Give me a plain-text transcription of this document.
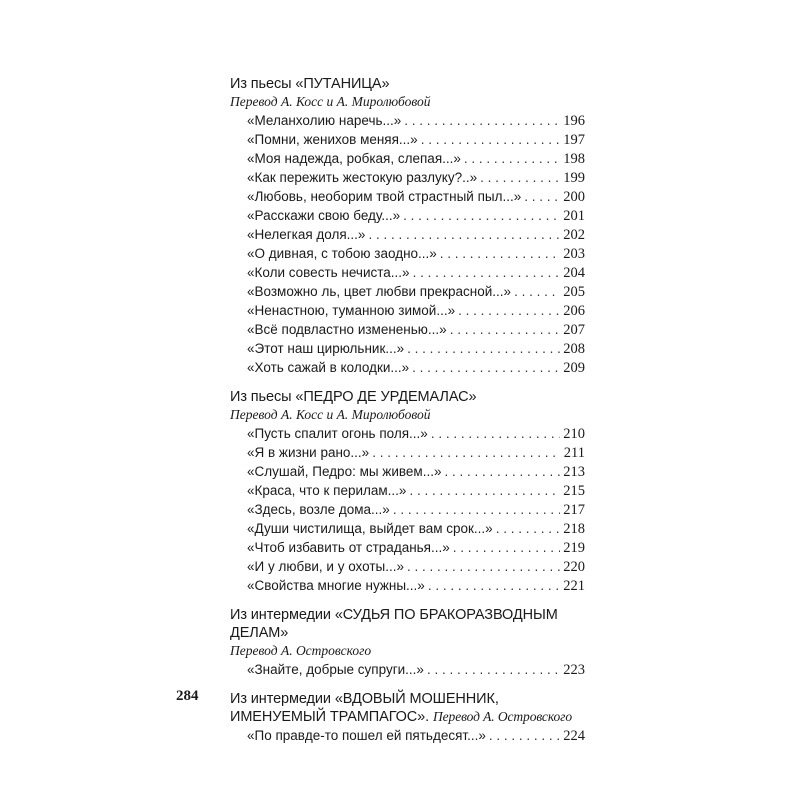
Из пьесы «ПУТАНИЦА»
Перевод А. Косс и А. Миролюбовой
«Меланхолию наречь...» . . .	196
«Помни, женихов меняя...» . . .	197
«Моя надежда, робкая, слепая...» . . .	198
«Как пережить жестокую разлуку?..» . . .	199
«Любовь, необорим твой страстный пыл...» . . .	200
«Расскажи свою беду...» . . .	201
«Нелегкая доля...» . . .	202
«О дивная, с тобою заодно...» . . .	203
«Коли совесть нечиста...» . . .	204
«Возможно ль, цвет любви прекрасной...» . . .	205
«Ненастною, туманною зимой...» . . .	206
«Всё подвластно измененью...» . . .	207
«Этот наш цирюльник...» . . .	208
«Хоть сажай в колодки...» . . .	209
Из пьесы «ПЕДРО ДЕ УРДЕМАЛАС»
Перевод А. Косс и А. Миролюбовой
«Пусть спалит огонь поля...» . . .	210
«Я в жизни рано...» . . .	211
«Слушай, Педро: мы живем...» . . .	213
«Краса, что к перилам...» . . .	215
«Здесь, возле дома...» . . .	217
«Души чистилища, выйдет вам срок...» . . .	218
«Чтоб избавить от страданья...» . . .	219
«И у любви, и у охоты...» . . .	220
«Свойства многие нужны...» . . .	221
Из интермедии «СУДЬЯ ПО БРАКОРАЗВОДНЫМ ДЕЛАМ»
Перевод А. Островского
«Знайте, добрые супруги...» . . .	223
Из интермедии «ВДОВЫЙ МОШЕННИК, ИМЕНУЕМЫЙ ТРАМПАГОС». Перевод А. Островского
«По правде-то пошел ей пятьдесят...» . . .	224
284
